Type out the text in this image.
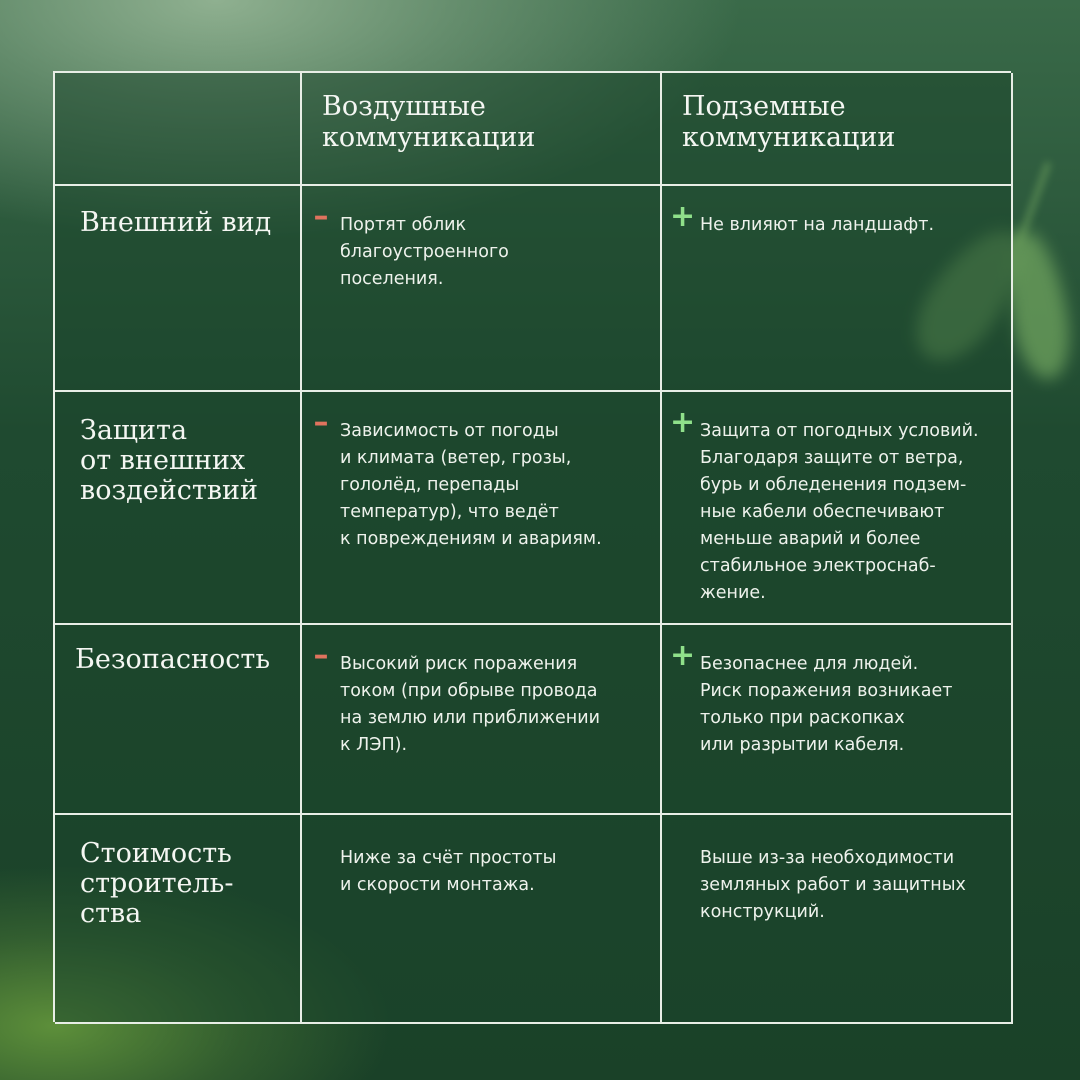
Воздушные
коммуникации
Подземные
коммуникации
Внешний вид – Портят облик
благоустроенного
поселения.
+ Не влияют на ландшафт.
Защита
от внешних
воздействий
– Зависимость от погоды
и климата (ветер, грозы,
гололёд, перепады
температур), что ведёт
к повреждениям и авариям.
+ Защита от погодных условий.
Благодаря защите от ветра,
бурь и обледенения подзем-
ные кабели обеспечивают
меньше аварий и более
стабильное электроснаб-
жение.
Безопасность – Высокий риск поражения
током (при обрыве провода
на землю или приближении
к ЛЭП).
+ Безопаснее для людей.
Риск поражения возникает
только при раскопках
или разрытии кабеля.
Стоимость
строитель-
ства
Ниже за счёт простоты
и скорости монтажа.
Выше из-за необходимости
земляных работ и защитных
конструкций.
